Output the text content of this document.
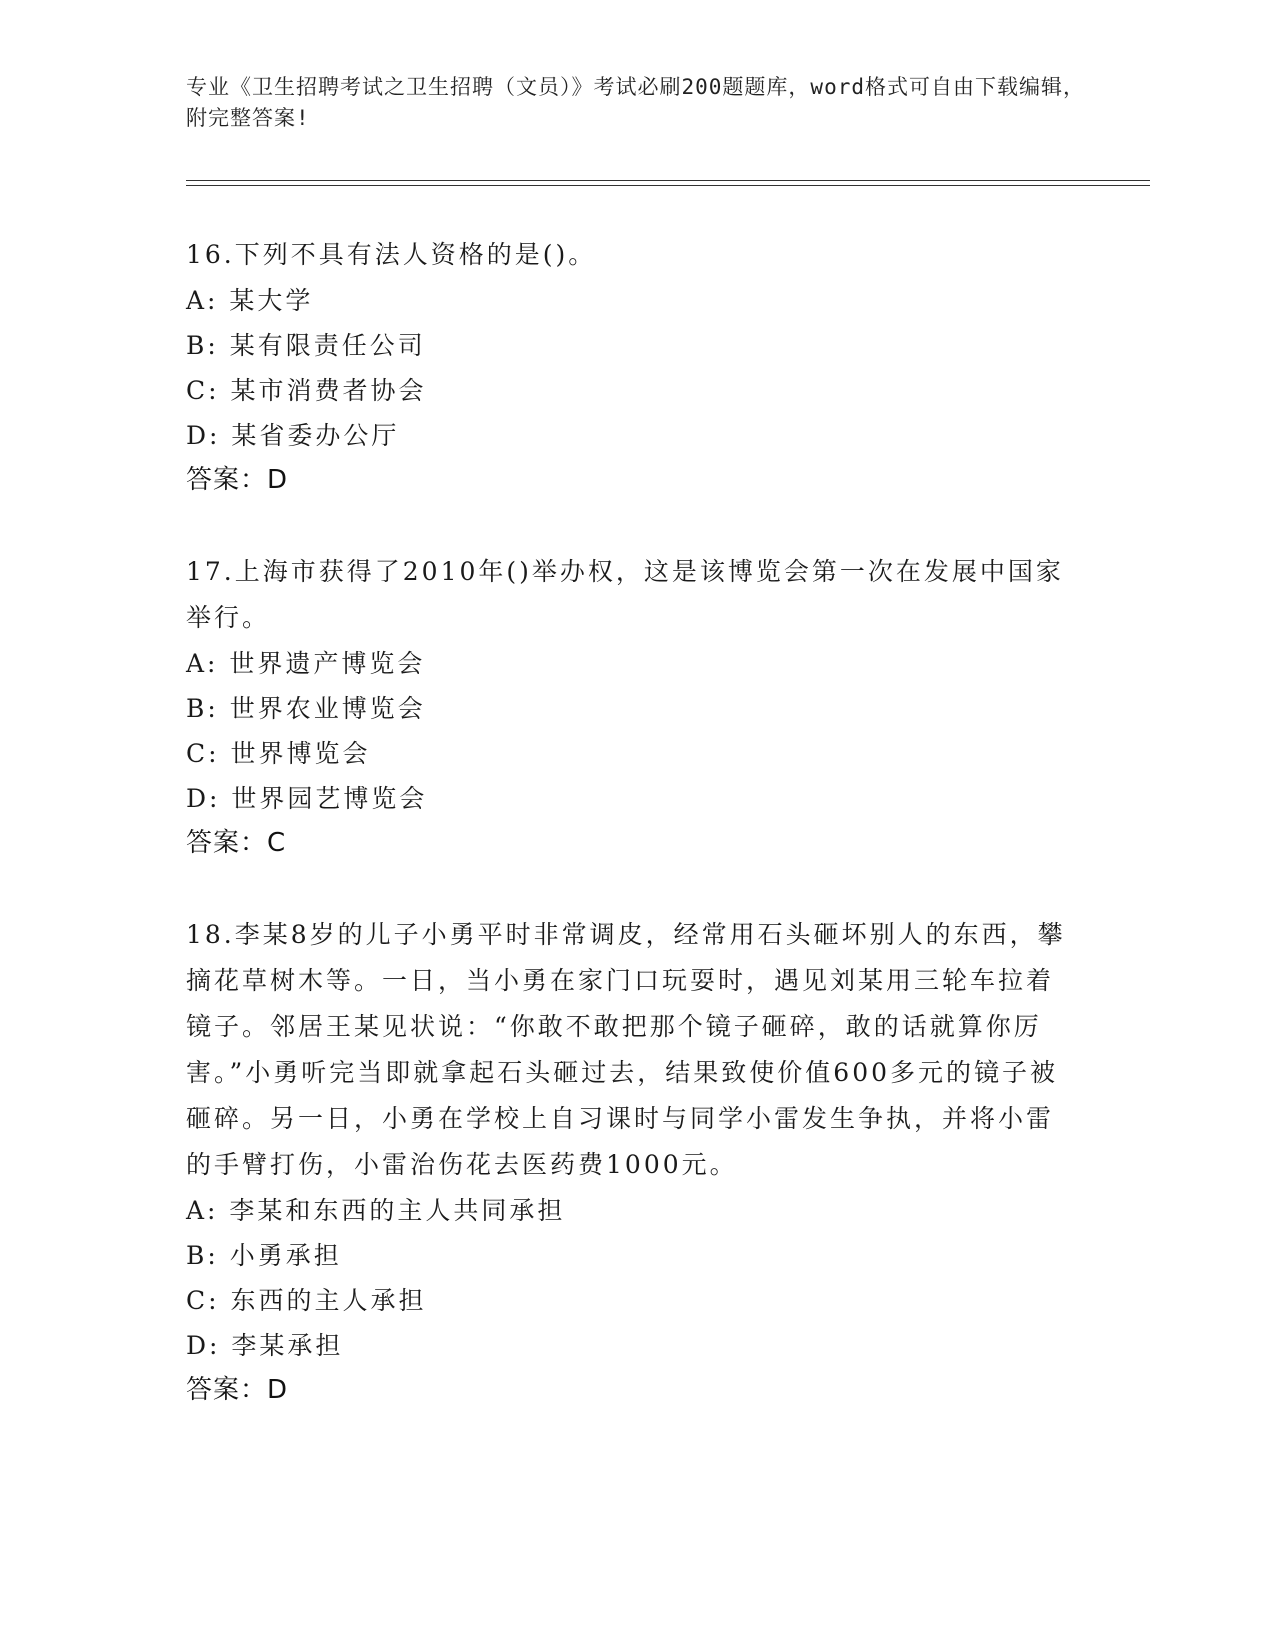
专业《卫生招聘考试之卫生招聘（文员）》考试必刷200题题库，word格式可自由下载编辑，附完整答案!

16.下列不具有法人资格的是()。

A: 某大学

B: 某有限责任公司

C: 某市消费者协会

D: 某省委办公厅

答案：D

17.上海市获得了2010年()举办权，这是该博览会第一次在发展中国家举行。

A: 世界遗产博览会

B: 世界农业博览会

C: 世界博览会

D: 世界园艺博览会

答案：C

18.李某8岁的儿子小勇平时非常调皮，经常用石头砸坏别人的东西，攀摘花草树木等。一日，当小勇在家门口玩耍时，遇见刘某用三轮车拉着镜子。邻居王某见状说：“你敢不敢把那个镜子砸碎，敢的话就算你厉害。”小勇听完当即就拿起石头砸过去，结果致使价值600多元的镜子被砸碎。另一日，小勇在学校上自习课时与同学小雷发生争执，并将小雷的手臂打伤，小雷治伤花去医药费1000元。

A: 李某和东西的主人共同承担

B: 小勇承担

C: 东西的主人承担

D: 李某承担

答案：D
